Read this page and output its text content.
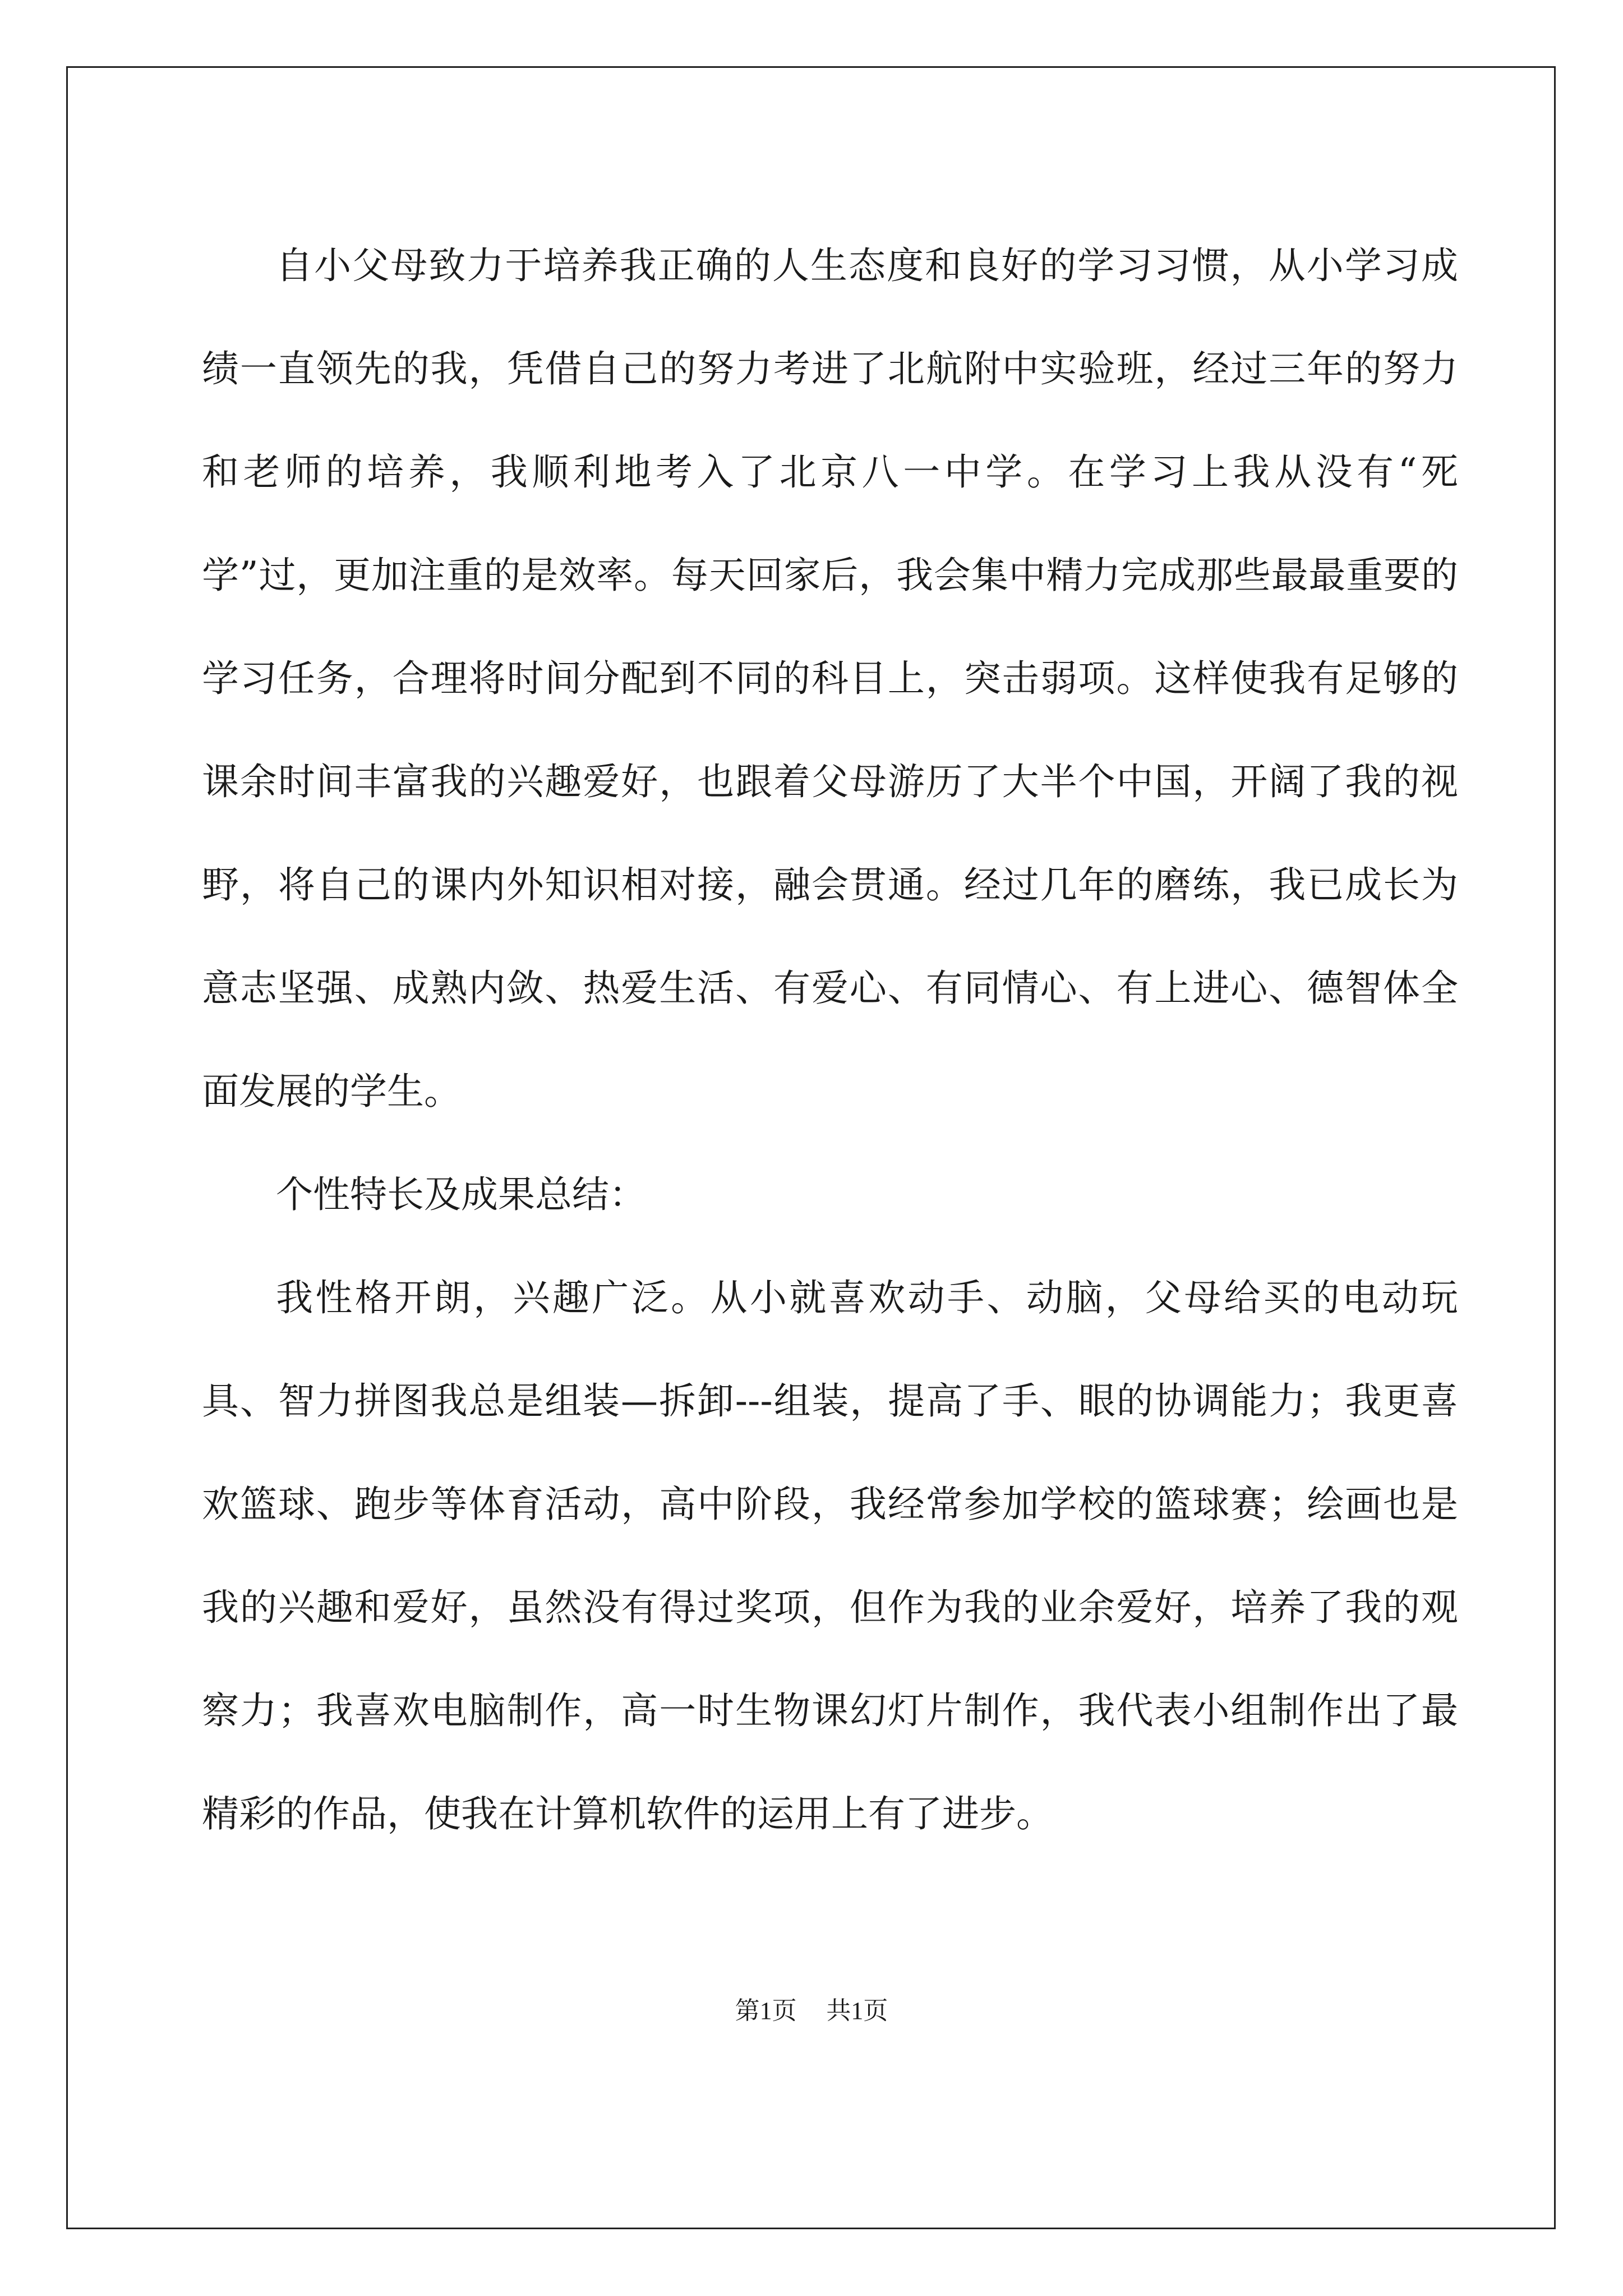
自小父母致力于培养我正确的人生态度和良好的学习习惯，从小学习成绩一直领先的我，凭借自己的努力考进了北航附中实验班，经过三年的努力和老师的培养，我顺利地考入了北京八一中学。在学习上我从没有“死学”过，更加注重的是效率。每天回家后，我会集中精力完成那些最最重要的学习任务，合理将时间分配到不同的科目上，突击弱项。这样使我有足够的课余时间丰富我的兴趣爱好，也跟着父母游历了大半个中国，开阔了我的视野，将自己的课内外知识相对接，融会贯通。经过几年的磨练，我已成长为意志坚强、成熟内敛、热爱生活、有爱心、有同情心、有上进心、德智体全面发展的学生。

个性特长及成果总结：

我性格开朗，兴趣广泛。从小就喜欢动手、动脑，父母给买的电动玩具、智力拼图我总是组装—拆卸---组装，提高了手、眼的协调能力；我更喜欢篮球、跑步等体育活动，高中阶段，我经常参加学校的篮球赛；绘画也是我的兴趣和爱好，虽然没有得过奖项，但作为我的业余爱好，培养了我的观察力；我喜欢电脑制作，高一时生物课幻灯片制作，我代表小组制作出了最精彩的作品，使我在计算机软件的运用上有了进步。

第1页 共1页
